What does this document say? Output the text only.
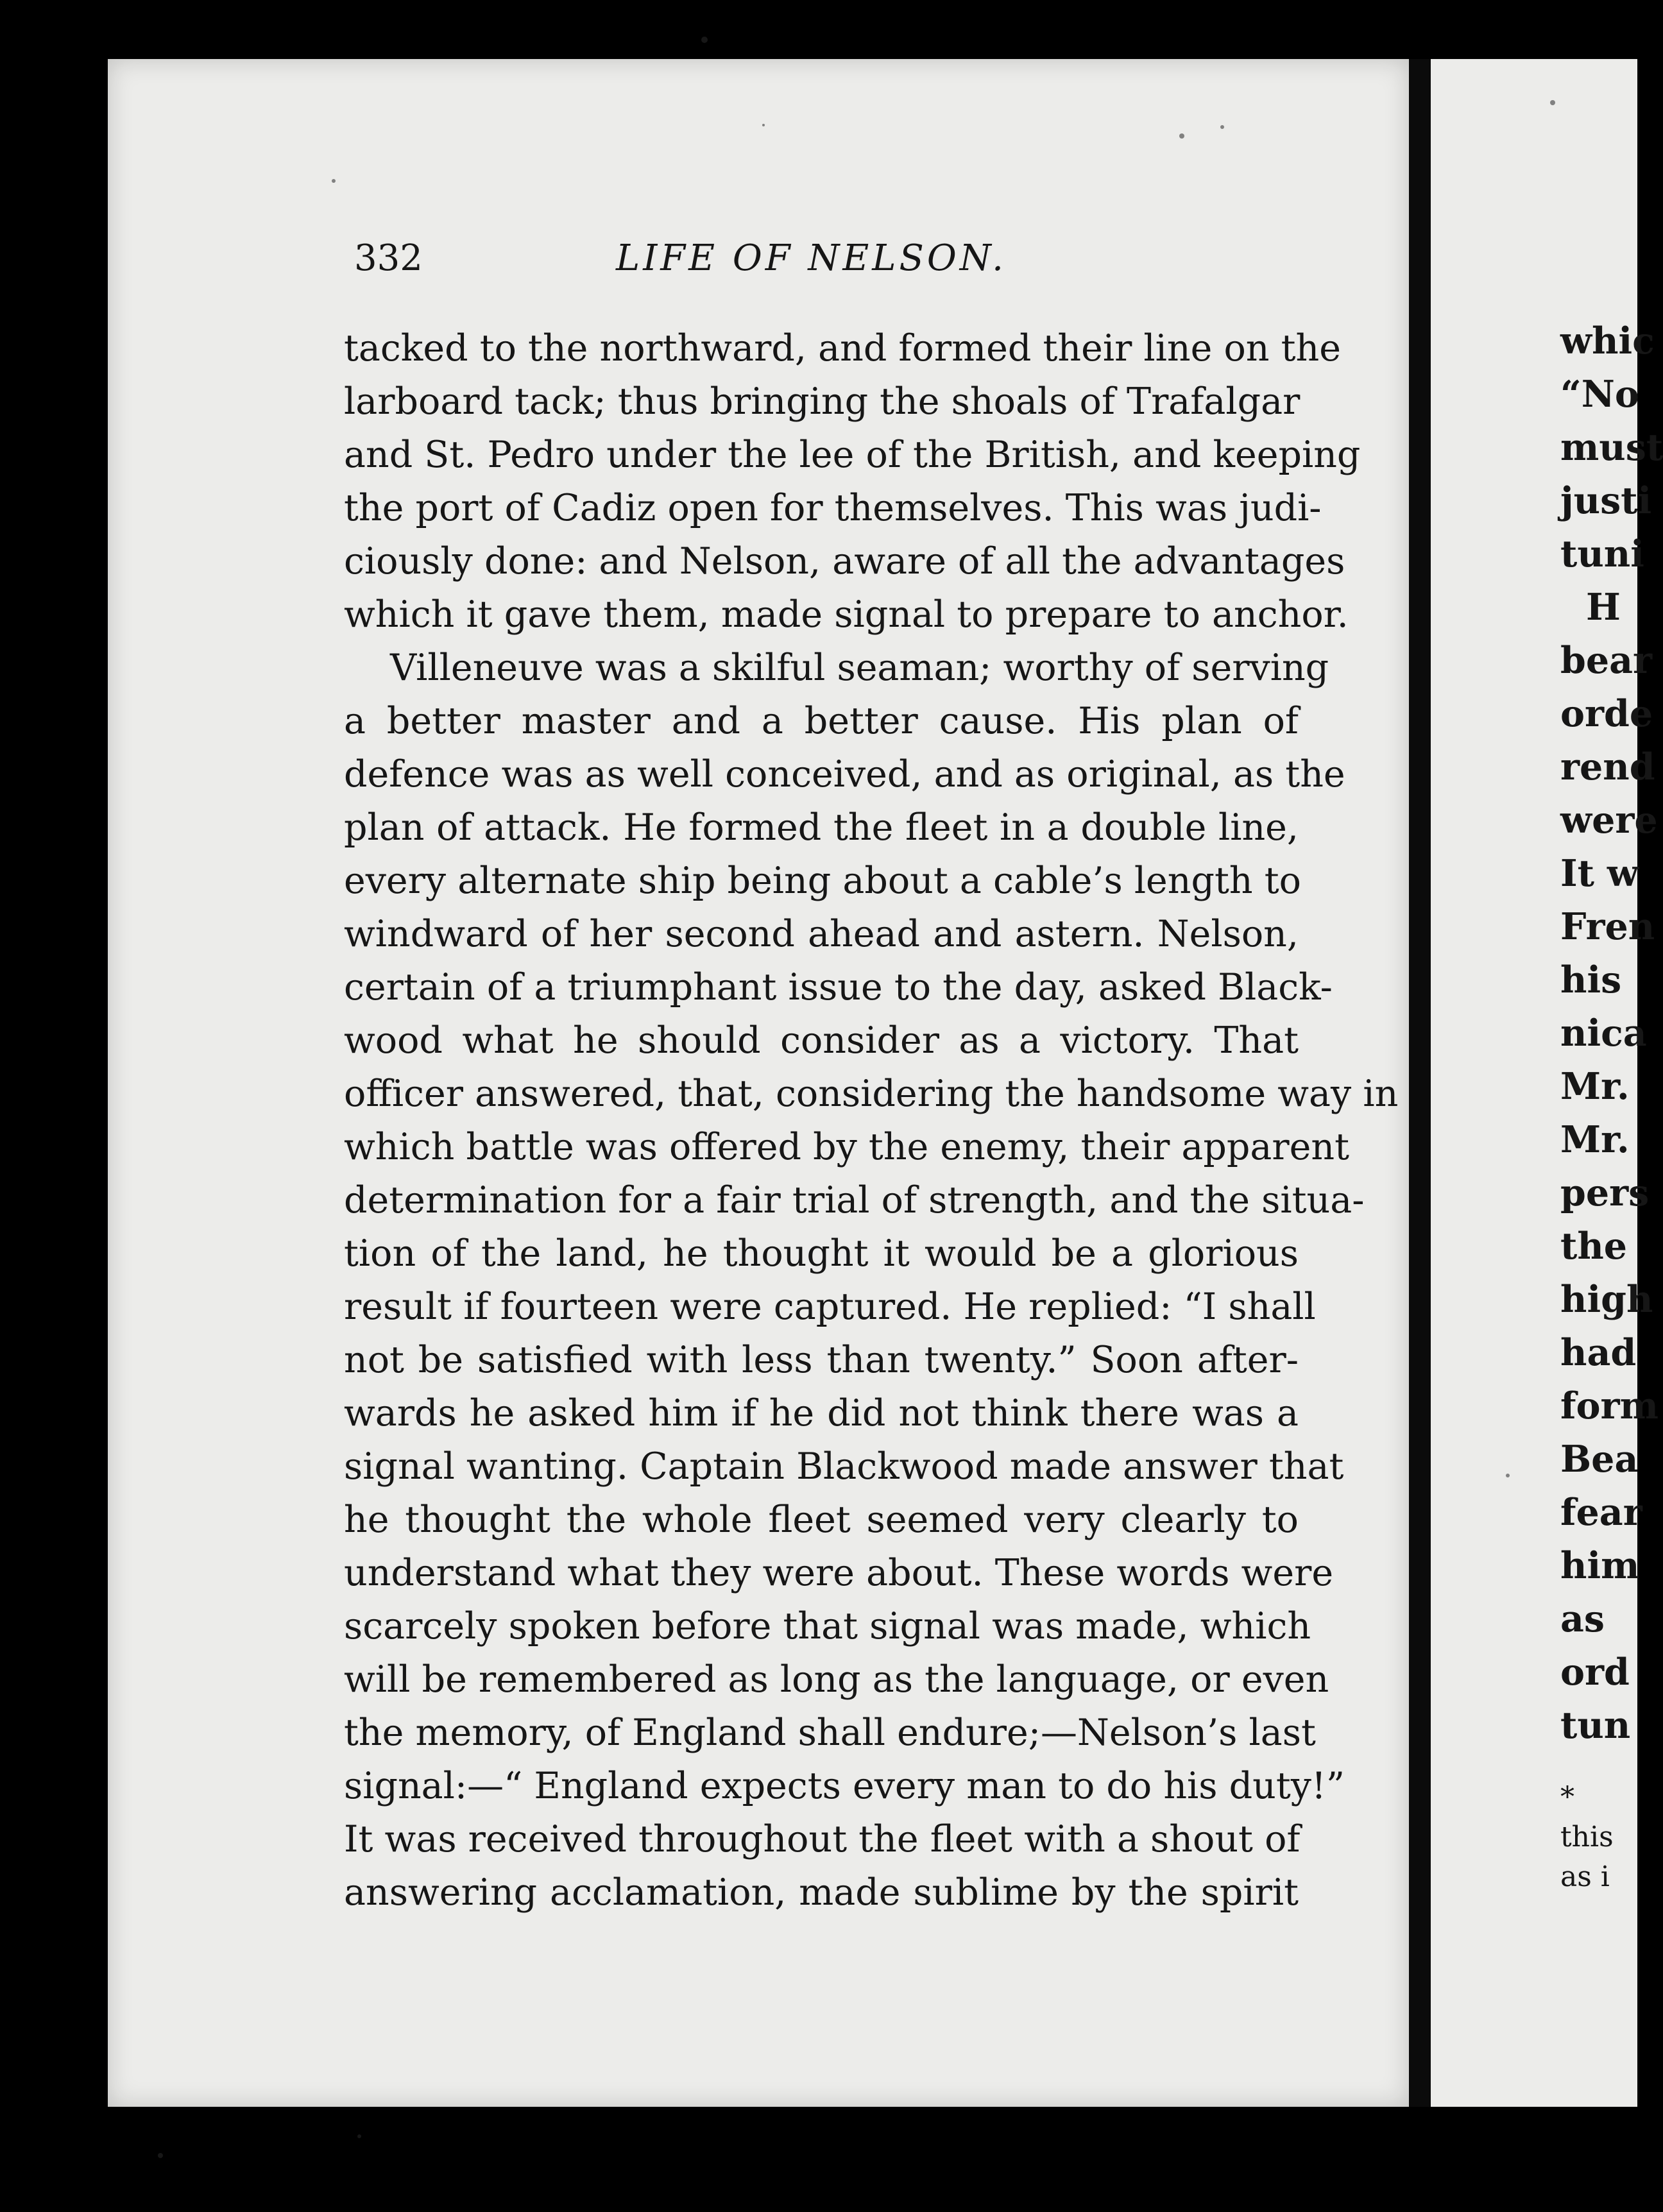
332	LIFE OF NELSON.
tacked to the northward, and formed their line on the
larboard tack; thus bringing the shoals of Trafalgar
and St. Pedro under the lee of the British, and keeping
the port of Cadiz open for themselves. This was judi-
ciously done: and Nelson, aware of all the advantages
which it gave them, made signal to prepare to anchor.
Villeneuve was a skilful seaman; worthy of serving
a better master and a better cause. His plan of
defence was as well conceived, and as original, as the
plan of attack. He formed the fleet in a double line,
every alternate ship being about a cable’s length to
windward of her second ahead and astern. Nelson,
certain of a triumphant issue to the day, asked Black-
wood what he should consider as a victory. That
officer answered, that, considering the handsome way in
which battle was offered by the enemy, their apparent
determination for a fair trial of strength, and the situa-
tion of the land, he thought it would be a glorious
result if fourteen were captured. He replied: “I shall
not be satisfied with less than twenty.” Soon after-
wards he asked him if he did not think there was a
signal wanting. Captain Blackwood made answer that
he thought the whole fleet seemed very clearly to
understand what they were about. These words were
scarcely spoken before that signal was made, which
will be remembered as long as the language, or even
the memory, of England shall endure;—Nelson’s last
signal:—“ England expects every man to do his duty!”
It was received throughout the fleet with a shout of
answering acclamation, made sublime by the spirit
whic
“No
must
justi
tuni
H
bear
orde
rend
were
It w
Fren
his
nica
Mr.
Mr.
pers
the
high
had
form
Bea
fear
him
as
ord
tun
*
this
as i
